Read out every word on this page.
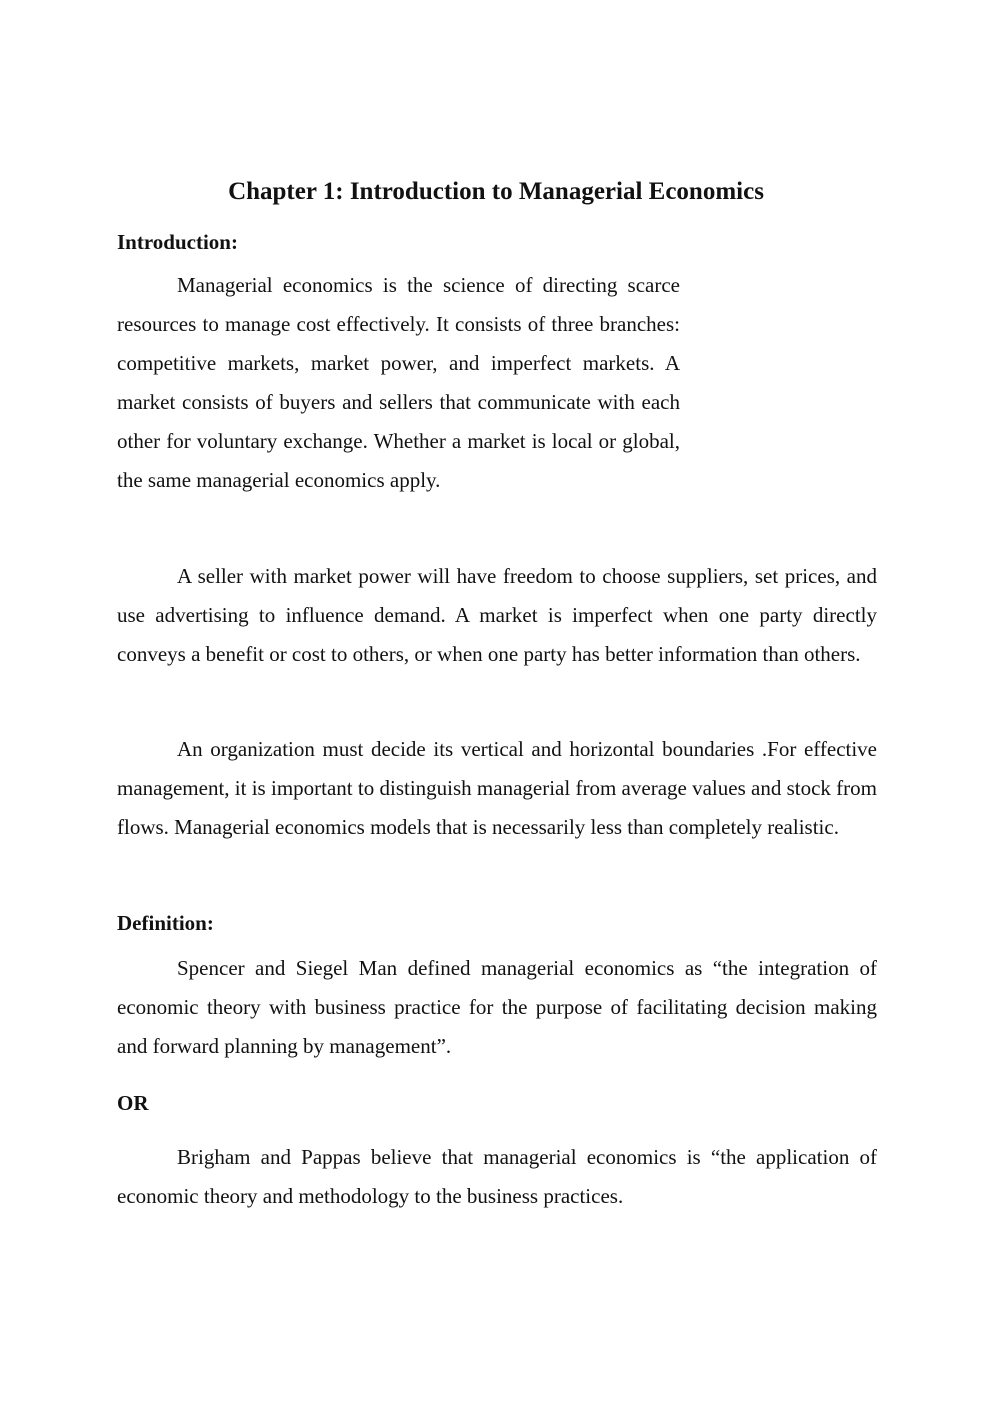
Chapter 1: Introduction to Managerial Economics
Introduction:

Managerial economics is the science of directing scarce resources to manage cost effectively. It consists of three branches: competitive markets, market power, and imperfect markets. A market consists of buyers and sellers that communicate with each other for voluntary exchange. Whether a market is local or global, the same managerial economics apply.

A seller with market power will have freedom to choose suppliers, set prices, and use advertising to influence demand. A market is imperfect when one party directly conveys a benefit or cost to others, or when one party has better information than others.

An organization must decide its vertical and horizontal boundaries .For effective management, it is important to distinguish managerial from average values and stock from flows. Managerial economics models that is necessarily less than completely realistic.

Definition:

Spencer and Siegel Man defined managerial economics as “the integration of economic theory with business practice for the purpose of facilitating decision making and forward planning by management”.

OR

Brigham and Pappas believe that managerial economics is “the application of economic theory and methodology to the business practices.
